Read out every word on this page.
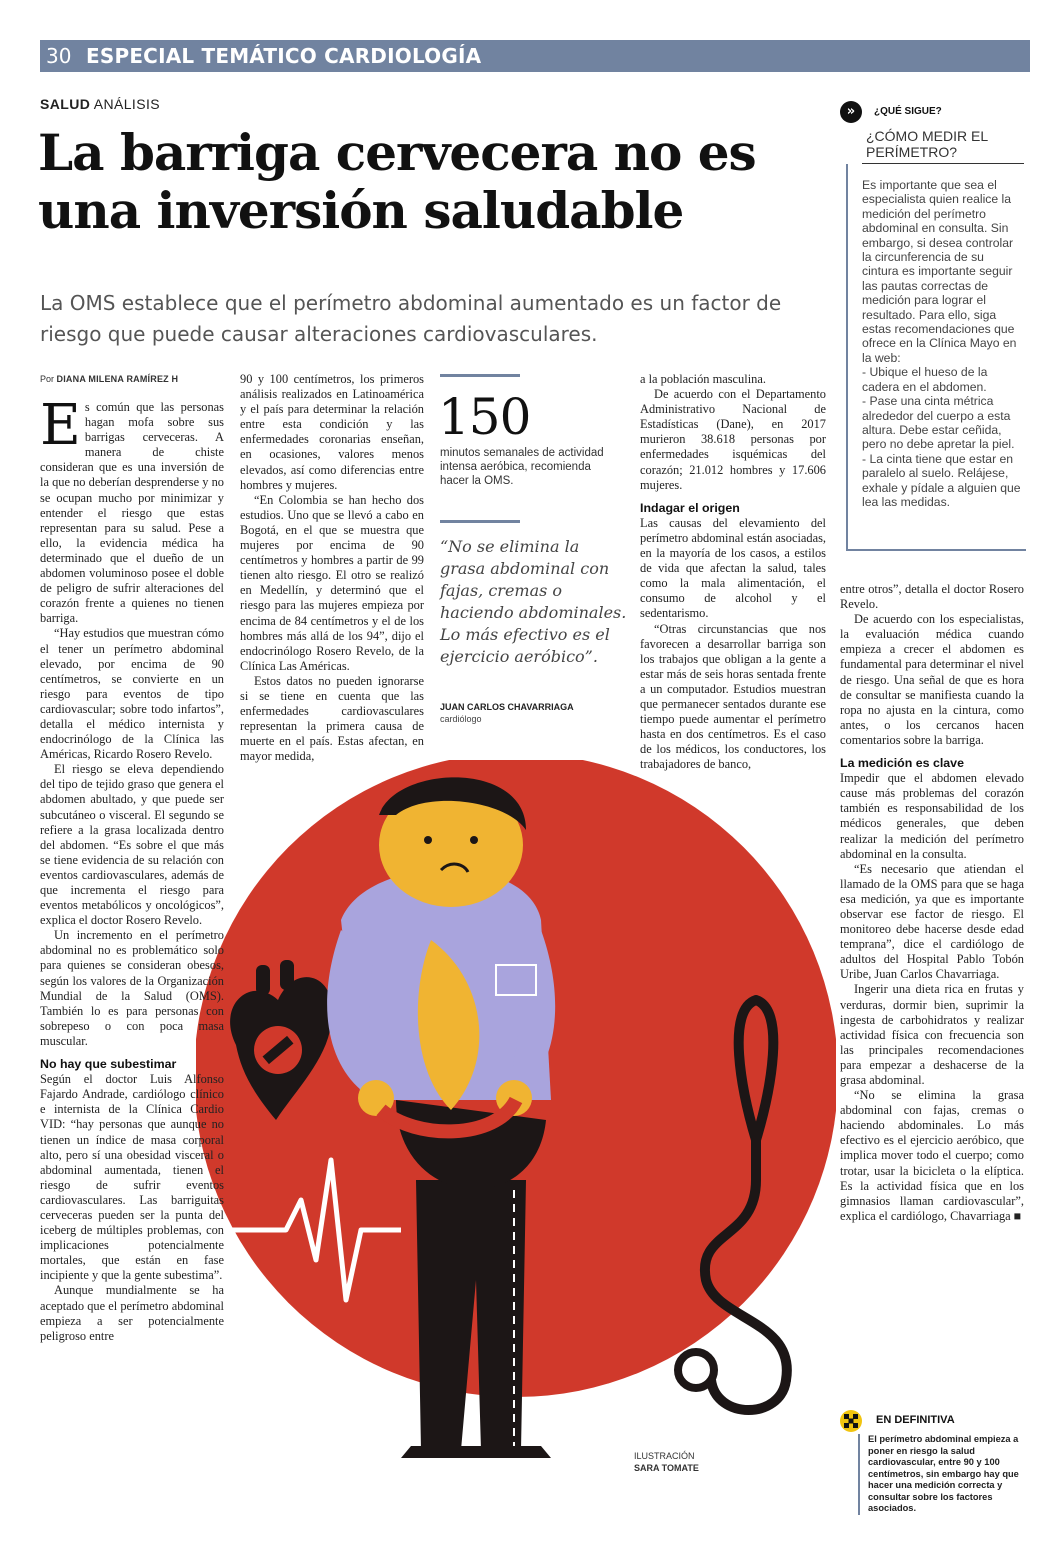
30 ESPECIAL TEMÁTICO CARDIOLOGÍA
SALUD ANÁLISIS
La barriga cervecera no es una inversión saludable
La OMS establece que el perímetro abdominal aumentado es un factor de riesgo que puede causar alteraciones cardiovasculares.
Por DIANA MILENA RAMÍREZ H

Es común que las personas hagan mofa sobre sus barrigas cerveceras. A manera de chiste consideran que es una inversión de la que no deberían desprenderse y no se ocupan mucho por minimizar y entender el riesgo que estas representan para su salud. Pese a ello, la evidencia médica ha determinado que el dueño de un abdomen voluminoso posee el doble de peligro de sufrir alteraciones del corazón frente a quienes no tienen barriga.

“Hay estudios que muestran cómo el tener un perímetro abdominal elevado, por encima de 90 centímetros, se convierte en un riesgo para eventos de tipo cardiovascular; sobre todo infartos”, detalla el médico internista y endocrinólogo de la Clínica las Américas, Ricardo Rosero Revelo.

El riesgo se eleva dependiendo del tipo de tejido graso que genera el abdomen abultado, y que puede ser subcutáneo o visceral. El segundo se refiere a la grasa localizada dentro del abdomen. “Es sobre el que más se tiene evidencia de su relación con eventos cardiovasculares, además de que incrementa el riesgo para eventos metabólicos y oncológicos”, explica el doctor Rosero Revelo.

Un incremento en el perímetro abdominal no es problemático solo para quienes se consideran obesos, según los valores de la Organización Mundial de la Salud (OMS). También lo es para personas con sobrepeso o con poca masa muscular.

No hay que subestimar

Según el doctor Luis Alfonso Fajardo Andrade, cardiólogo clínico e internista de la Clínica Cardio VID: “hay personas que aunque no tienen un índice de masa corporal alto, pero sí una obesidad visceral o abdominal aumentada, tienen el riesgo de sufrir eventos cardiovasculares. Las barriguitas cerveceras pueden ser la punta del iceberg de múltiples problemas, con implicaciones potencialmente mortales, que están en fase incipiente y que la gente subestima”.

Aunque mundialmente se ha aceptado que el perímetro abdominal empieza a ser potencialmente peligroso entre

90 y 100 centímetros, los primeros análisis realizados en Latinoamérica y el país para determinar la relación entre esta condición y las enfermedades coronarias enseñan, en ocasiones, valores menos elevados, así como diferencias entre hombres y mujeres.

“En Colombia se han hecho dos estudios. Uno que se llevó a cabo en Bogotá, en el que se muestra que mujeres por encima de 90 centímetros y hombres a partir de 99 tienen alto riesgo. El otro se realizó en Medellín, y determinó que el riesgo para las mujeres empieza por encima de 84 centímetros y el de los hombres más allá de los 94”, dijo el endocrinólogo Rosero Revelo, de la Clínica Las Américas.

Estos datos no pueden ignorarse si se tiene en cuenta que las enfermedades cardiovasculares representan la primera causa de muerte en el país. Estas afectan, en mayor medida,

150
minutos semanales de actividad intensa aeróbica, recomienda hacer la OMS.
“No se elimina la grasa abdominal con fajas, cremas o haciendo abdominales. Lo más efectivo es el ejercicio aeróbico”.
JUAN CARLOS CHAVARRIAGA
cardiólogo

a la población masculina.

De acuerdo con el Departamento Administrativo Nacional de Estadísticas (Dane), en 2017 murieron 38.618 personas por enfermedades isquémicas del corazón; 21.012 hombres y 17.606 mujeres.

Indagar el origen

Las causas del elevamiento del perímetro abdominal están asociadas, en la mayoría de los casos, a estilos de vida que afectan la salud, tales como la mala alimentación, el consumo de alcohol y el sedentarismo.

“Otras circunstancias que nos favorecen a desarrollar barriga son los trabajos que obligan a la gente a estar más de seis horas sentada frente a un computador. Estudios muestran que permanecer sentados durante ese tiempo puede aumentar el perímetro hasta en dos centímetros. Es el caso de los médicos, los conductores, los trabajadores de banco,

entre otros”, detalla el doctor Rosero Revelo.

De acuerdo con los especialistas, la evaluación médica cuando empieza a crecer el abdomen es fundamental para determinar el nivel de riesgo. Una señal de que es hora de consultar se manifiesta cuando la ropa no ajusta en la cintura, como antes, o los cercanos hacen comentarios sobre la barriga.

La medición es clave

Impedir que el abdomen elevado cause más problemas del corazón también es responsabilidad de los médicos generales, que deben realizar la medición del perímetro abdominal en la consulta.

“Es necesario que atiendan el llamado de la OMS para que se haga esa medición, ya que es importante observar ese factor de riesgo. El monitoreo debe hacerse desde edad temprana”, dice el cardiólogo de adultos del Hospital Pablo Tobón Uribe, Juan Carlos Chavarriaga.

Ingerir una dieta rica en frutas y verduras, dormir bien, suprimir la ingesta de carbohidratos y realizar actividad física con frecuencia son las principales recomendaciones para empezar a deshacerse de la grasa abdominal.

“No se elimina la grasa abdominal con fajas, cremas o haciendo abdominales. Lo más efectivo es el ejercicio aeróbico, que implica mover todo el cuerpo; como trotar, usar la bicicleta o la elíptica. Es la actividad física que en los gimnasios llaman cardiovascular”, explica el cardiólogo, Chavarriaga ■

»	¿QUÉ SIGUE?
¿CÓMO MEDIR EL PERÍMETRO?

Es importante que sea el especialista quien realice la medición del perímetro abdominal en consulta. Sin embargo, si desea controlar la circunferencia de su cintura es importante seguir las pautas correctas de medición para lograr el resultado. Para ello, siga estas recomendaciones que ofrece en la Clínica Mayo en la web:

- Ubique el hueso de la cadera en el abdomen.

- Pase una cinta métrica alrededor del cuerpo a esta altura. Debe estar ceñida, pero no debe apretar la piel.

- La cinta tiene que estar en paralelo al suelo. Relájese, exhale y pídale a alguien que lea las medidas.

EN DEFINITIVA
El perímetro abdominal empieza a poner en riesgo la salud cardiovascular, entre 90 y 100 centímetros, sin embargo hay que hacer una medición correcta y consultar sobre los factores asociados.
ILUSTRACIÓN
SARA TOMATE
